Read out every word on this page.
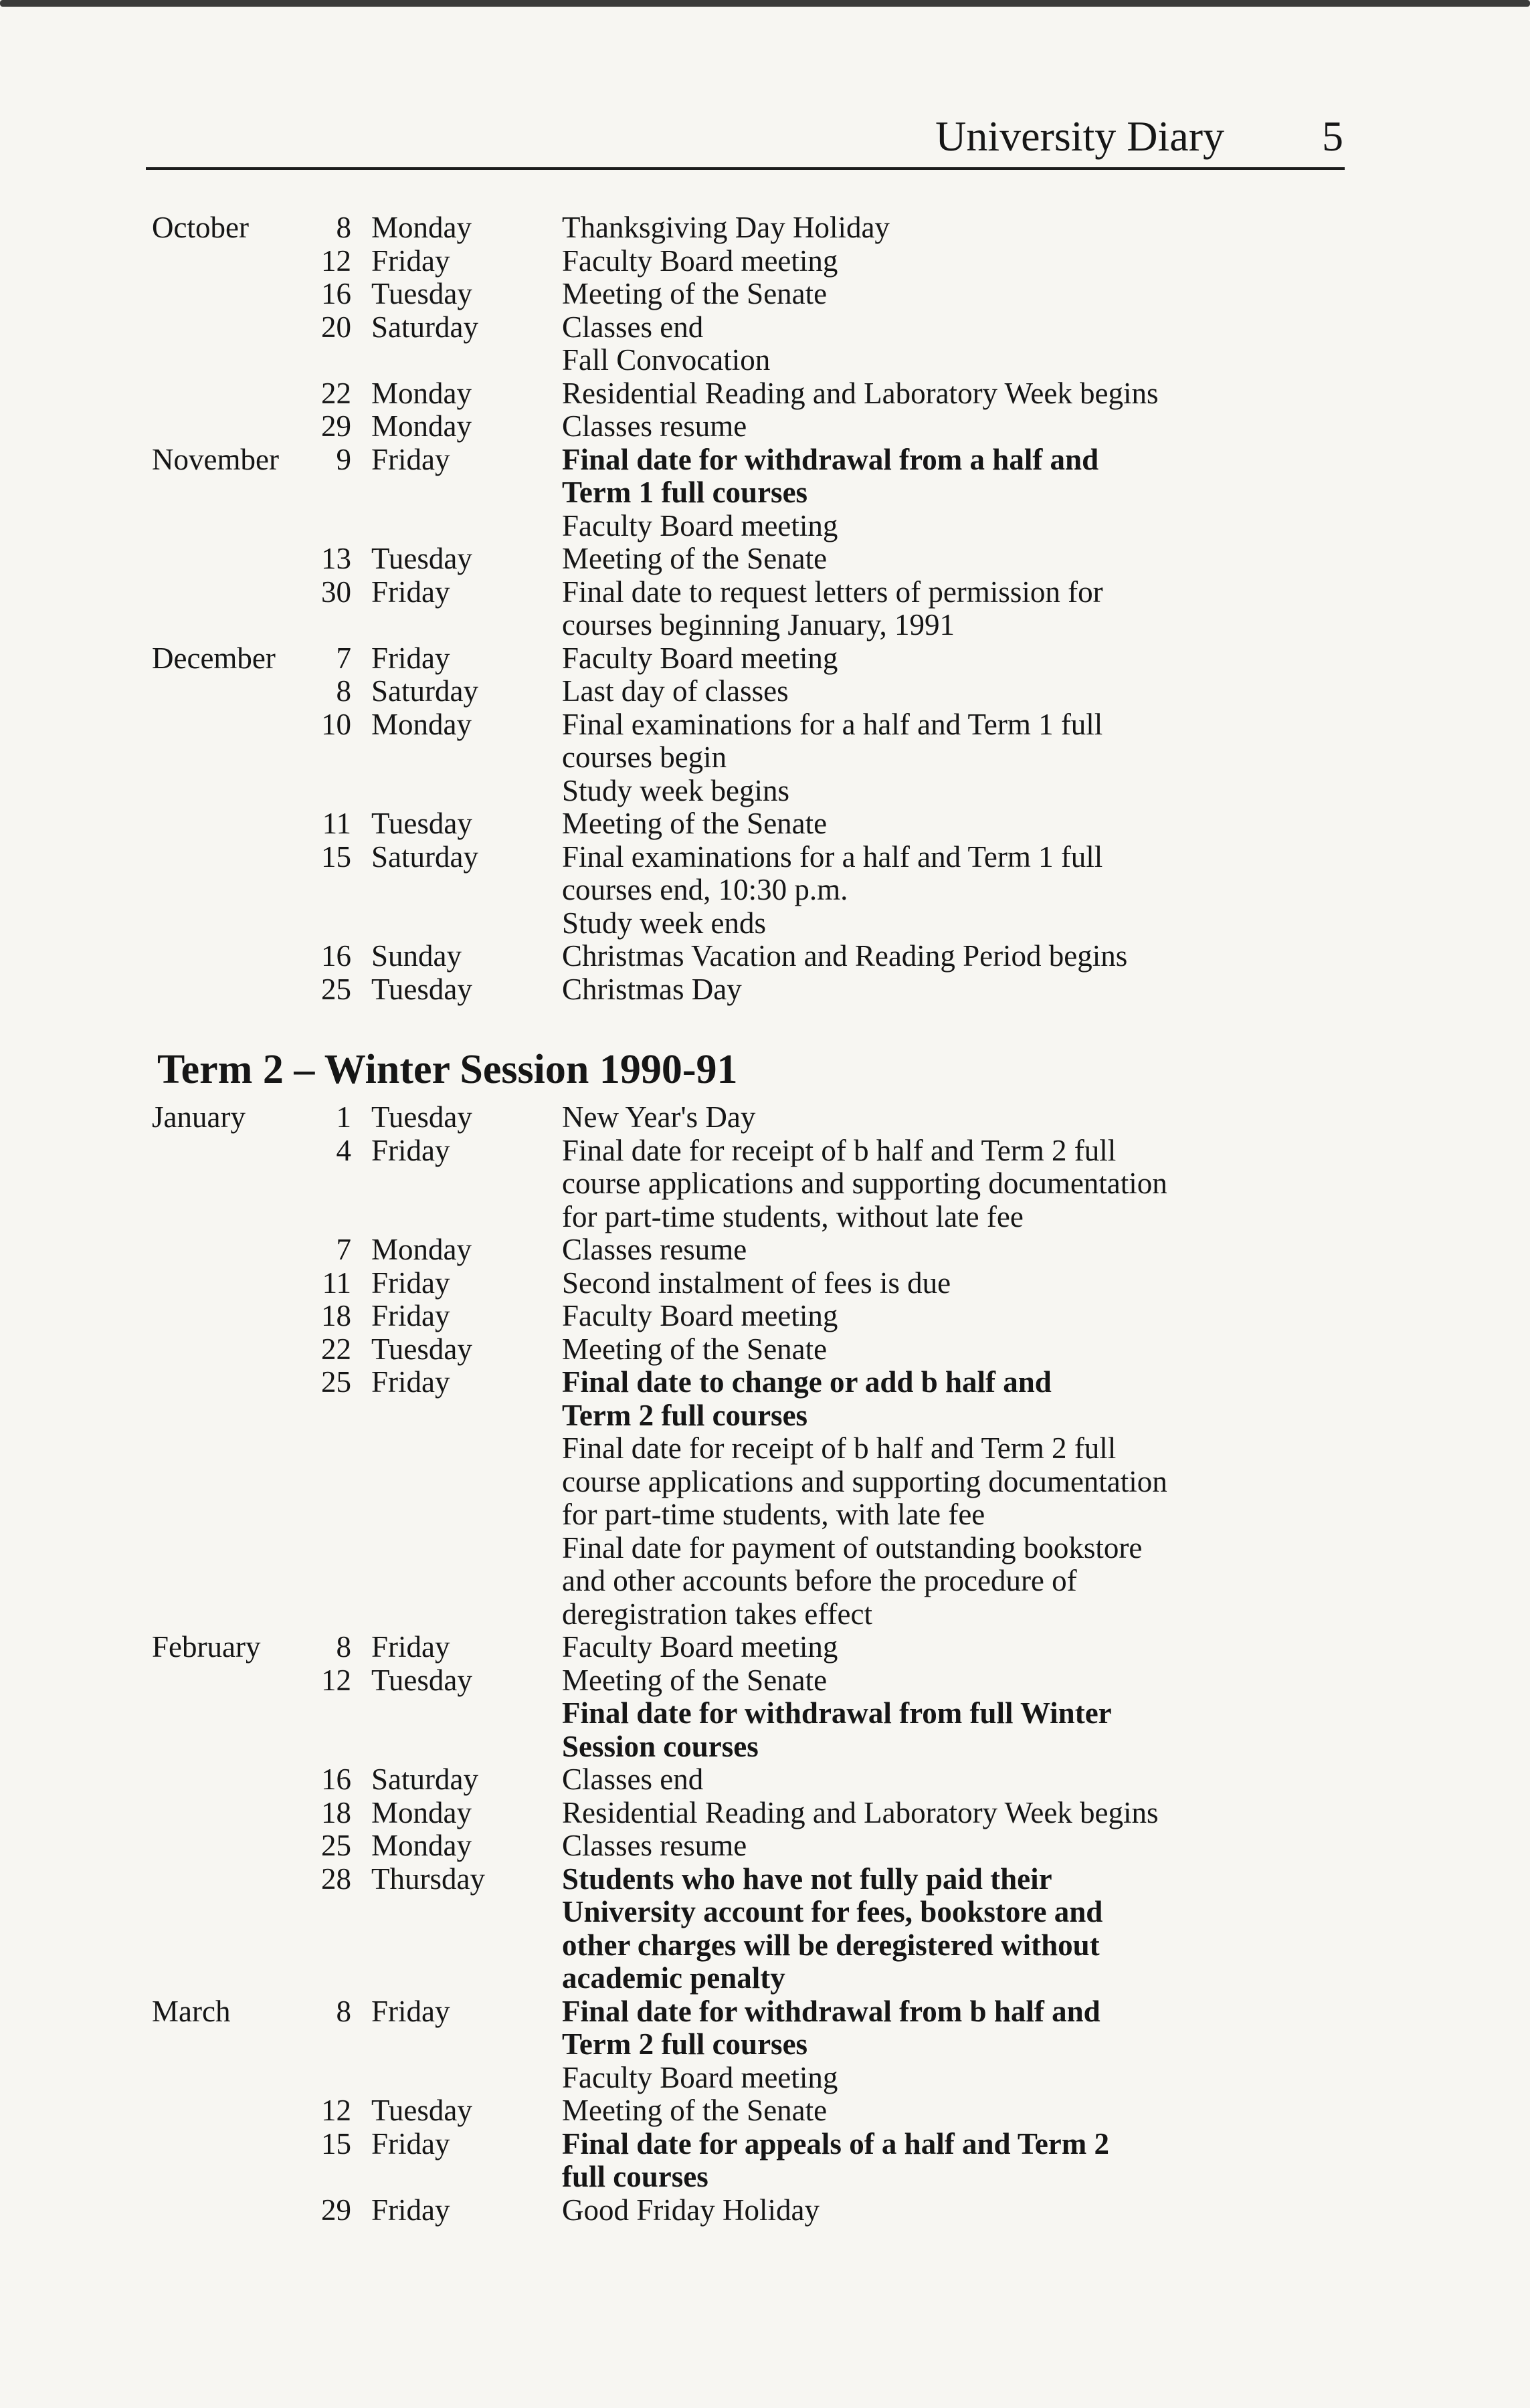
University Diary 5
October	8 Monday	Thanksgiving Day Holiday
12 Friday	Faculty Board meeting
16 Tuesday	Meeting of the Senate
20 Saturday	Classes end
Fall Convocation
22 Monday	Residential Reading and Laboratory Week begins
29 Monday	Classes resume
November	9 Friday	Final date for withdrawal from a half and
Term 1 full courses
Faculty Board meeting
13 Tuesday	Meeting of the Senate
30 Friday	Final date to request letters of permission for
courses beginning January, 1991
December	7 Friday	Faculty Board meeting
8 Saturday	Last day of classes
10 Monday	Final examinations for a half and Term 1 full
courses begin
Study week begins
11 Tuesday	Meeting of the Senate
15 Saturday	Final examinations for a half and Term 1 full
courses end, 10:30 p.m.
Study week ends
16 Sunday	Christmas Vacation and Reading Period begins
25 Tuesday	Christmas Day
Term 2 – Winter Session 1990-91
January	1 Tuesday	New Year's Day
4 Friday	Final date for receipt of b half and Term 2 full
course applications and supporting documentation
for part-time students, without late fee
7 Monday	Classes resume
11 Friday	Second instalment of fees is due
18 Friday	Faculty Board meeting
22 Tuesday	Meeting of the Senate
25 Friday	Final date to change or add b half and
Term 2 full courses
Final date for receipt of b half and Term 2 full
course applications and supporting documentation
for part-time students, with late fee
Final date for payment of outstanding bookstore
and other accounts before the procedure of
deregistration takes effect
February	8 Friday	Faculty Board meeting
12 Tuesday	Meeting of the Senate
Final date for withdrawal from full Winter
Session courses
16 Saturday	Classes end
18 Monday	Residential Reading and Laboratory Week begins
25 Monday	Classes resume
28 Thursday	Students who have not fully paid their
University account for fees, bookstore and
other charges will be deregistered without
academic penalty
March	8 Friday	Final date for withdrawal from b half and
Term 2 full courses
Faculty Board meeting
12 Tuesday	Meeting of the Senate
15 Friday	Final date for appeals of a half and Term 2
full courses
29 Friday	Good Friday Holiday
